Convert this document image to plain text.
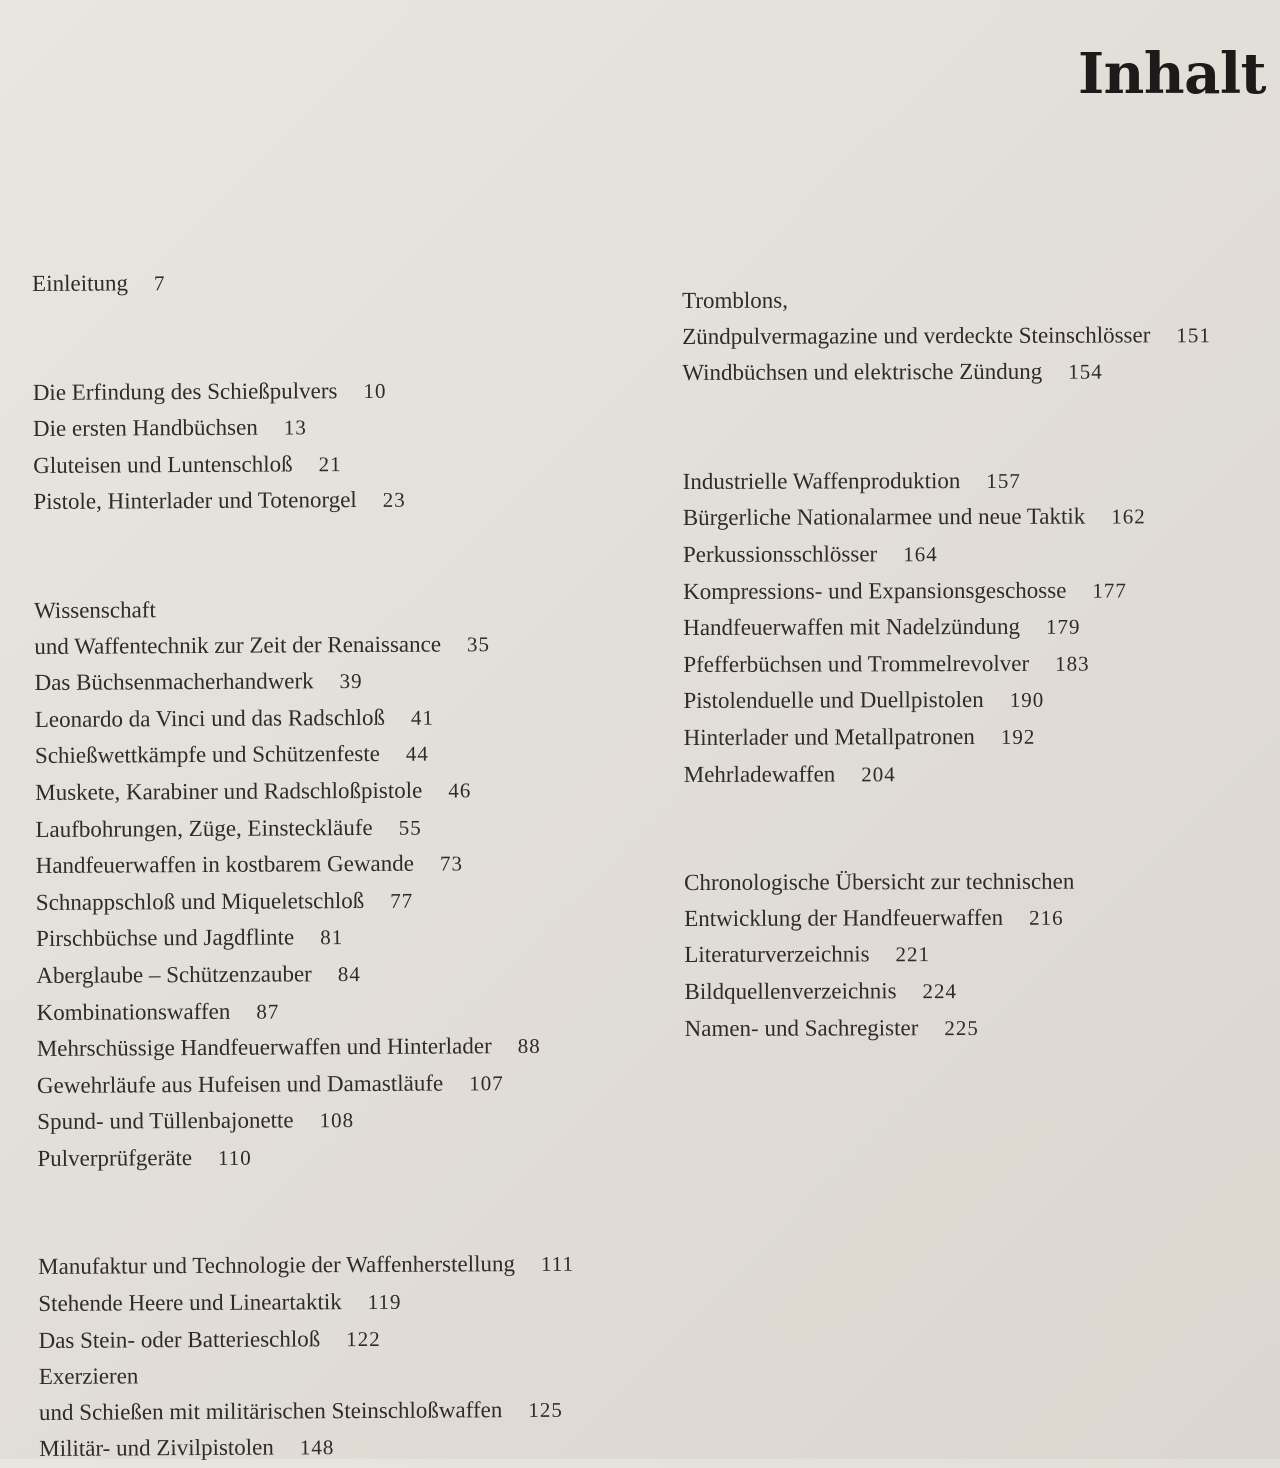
Inhalt
Einleitung 7
Die Erfindung des Schießpulvers 10
Die ersten Handbüchsen 13
Gluteisen und Luntenschloß 21
Pistole, Hinterlader und Totenorgel 23
Wissenschaft
und Waffentechnik zur Zeit der Renaissance 35
Das Büchsenmacherhandwerk 39
Leonardo da Vinci und das Radschloß 41
Schießwettkämpfe und Schützenfeste 44
Muskete, Karabiner und Radschloßpistole 46
Laufbohrungen, Züge, Einsteckläufe 55
Handfeuerwaffen in kostbarem Gewande 73
Schnappschloß und Miqueletschloß 77
Pirschbüchse und Jagdflinte 81
Aberglaube – Schützenzauber 84
Kombinationswaffen 87
Mehrschüssige Handfeuerwaffen und Hinterlader 88
Gewehrläufe aus Hufeisen und Damastläufe 107
Spund- und Tüllenbajonette 108
Pulverprüfgeräte 110
Manufaktur und Technologie der Waffenherstellung 111
Stehende Heere und Lineartaktik 119
Das Stein- oder Batterieschloß 122
Exerzieren
und Schießen mit militärischen Steinschloßwaffen 125
Militär- und Zivilpistolen 148
Tromblons,
Zündpulvermagazine und verdeckte Steinschlösser 151
Windbüchsen und elektrische Zündung 154
Industrielle Waffenproduktion 157
Bürgerliche Nationalarmee und neue Taktik 162
Perkussionsschlösser 164
Kompressions- und Expansionsgeschosse 177
Handfeuerwaffen mit Nadelzündung 179
Pfefferbüchsen und Trommelrevolver 183
Pistolenduelle und Duellpistolen 190
Hinterlader und Metallpatronen 192
Mehrladewaffen 204
Chronologische Übersicht zur technischen
Entwicklung der Handfeuerwaffen 216
Literaturverzeichnis 221
Bildquellenverzeichnis 224
Namen- und Sachregister 225
